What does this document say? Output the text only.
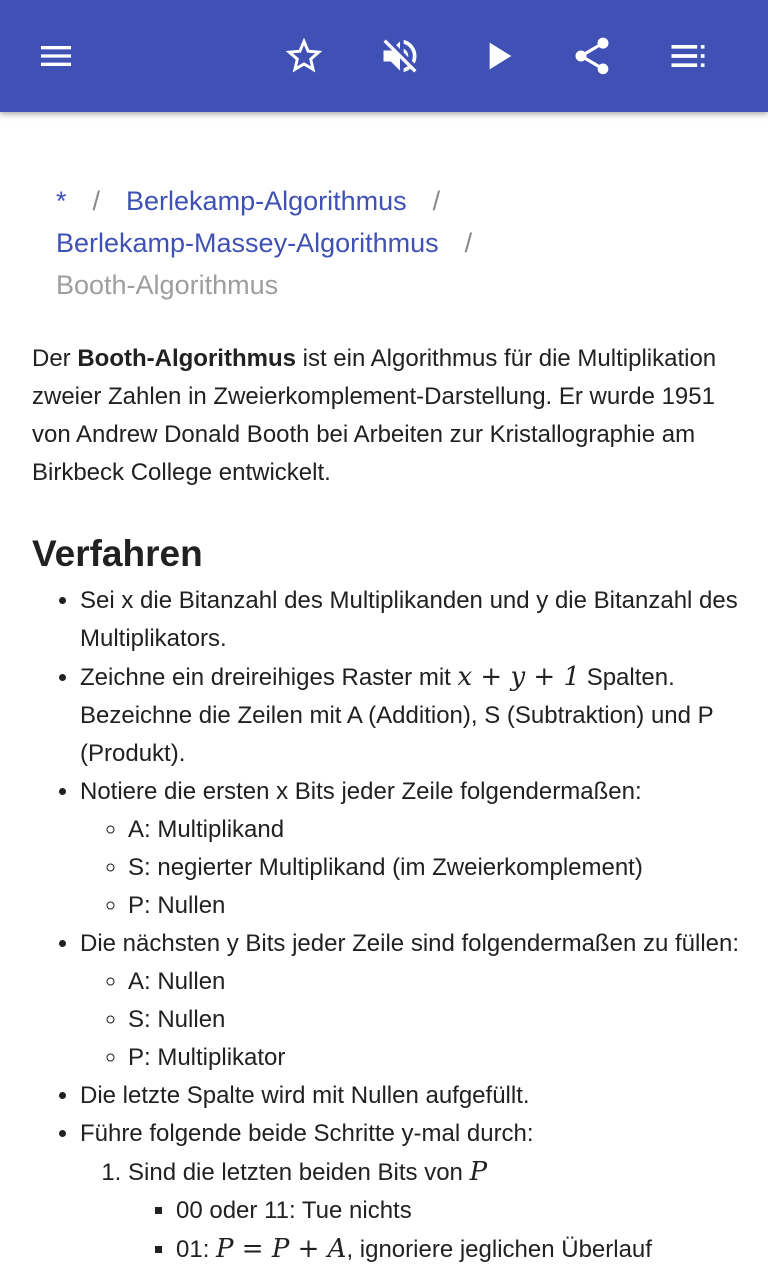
* / Berlekamp-Algorithmus /
Berlekamp-Massey-Algorithmus /
Booth-Algorithmus

Der Booth-Algorithmus ist ein Algorithmus für die Multiplikation zweier Zahlen in Zweierkomplement-Darstellung. Er wurde 1951 von Andrew Donald Booth bei Arbeiten zur Kristallographie am Birkbeck College entwickelt.

Verfahren
• Sei x die Bitanzahl des Multiplikanden und y die Bitanzahl des Multiplikators.
• Zeichne ein dreireihiges Raster mit x + y + 1 Spalten. Bezeichne die Zeilen mit A (Addition), S (Subtraktion) und P (Produkt).
• Notiere die ersten x Bits jeder Zeile folgendermaßen:
◦ A: Multiplikand
◦ S: negierter Multiplikand (im Zweierkomplement)
◦ P: Nullen
• Die nächsten y Bits jeder Zeile sind folgendermaßen zu füllen:
◦ A: Nullen
◦ S: Nullen
◦ P: Multiplikator
• Die letzte Spalte wird mit Nullen aufgefüllt.
• Führe folgende beide Schritte y-mal durch:
1. Sind die letzten beiden Bits von P
▪ 00 oder 11: Tue nichts
▪ 01: P = P + A, ignoriere jeglichen Überlauf
